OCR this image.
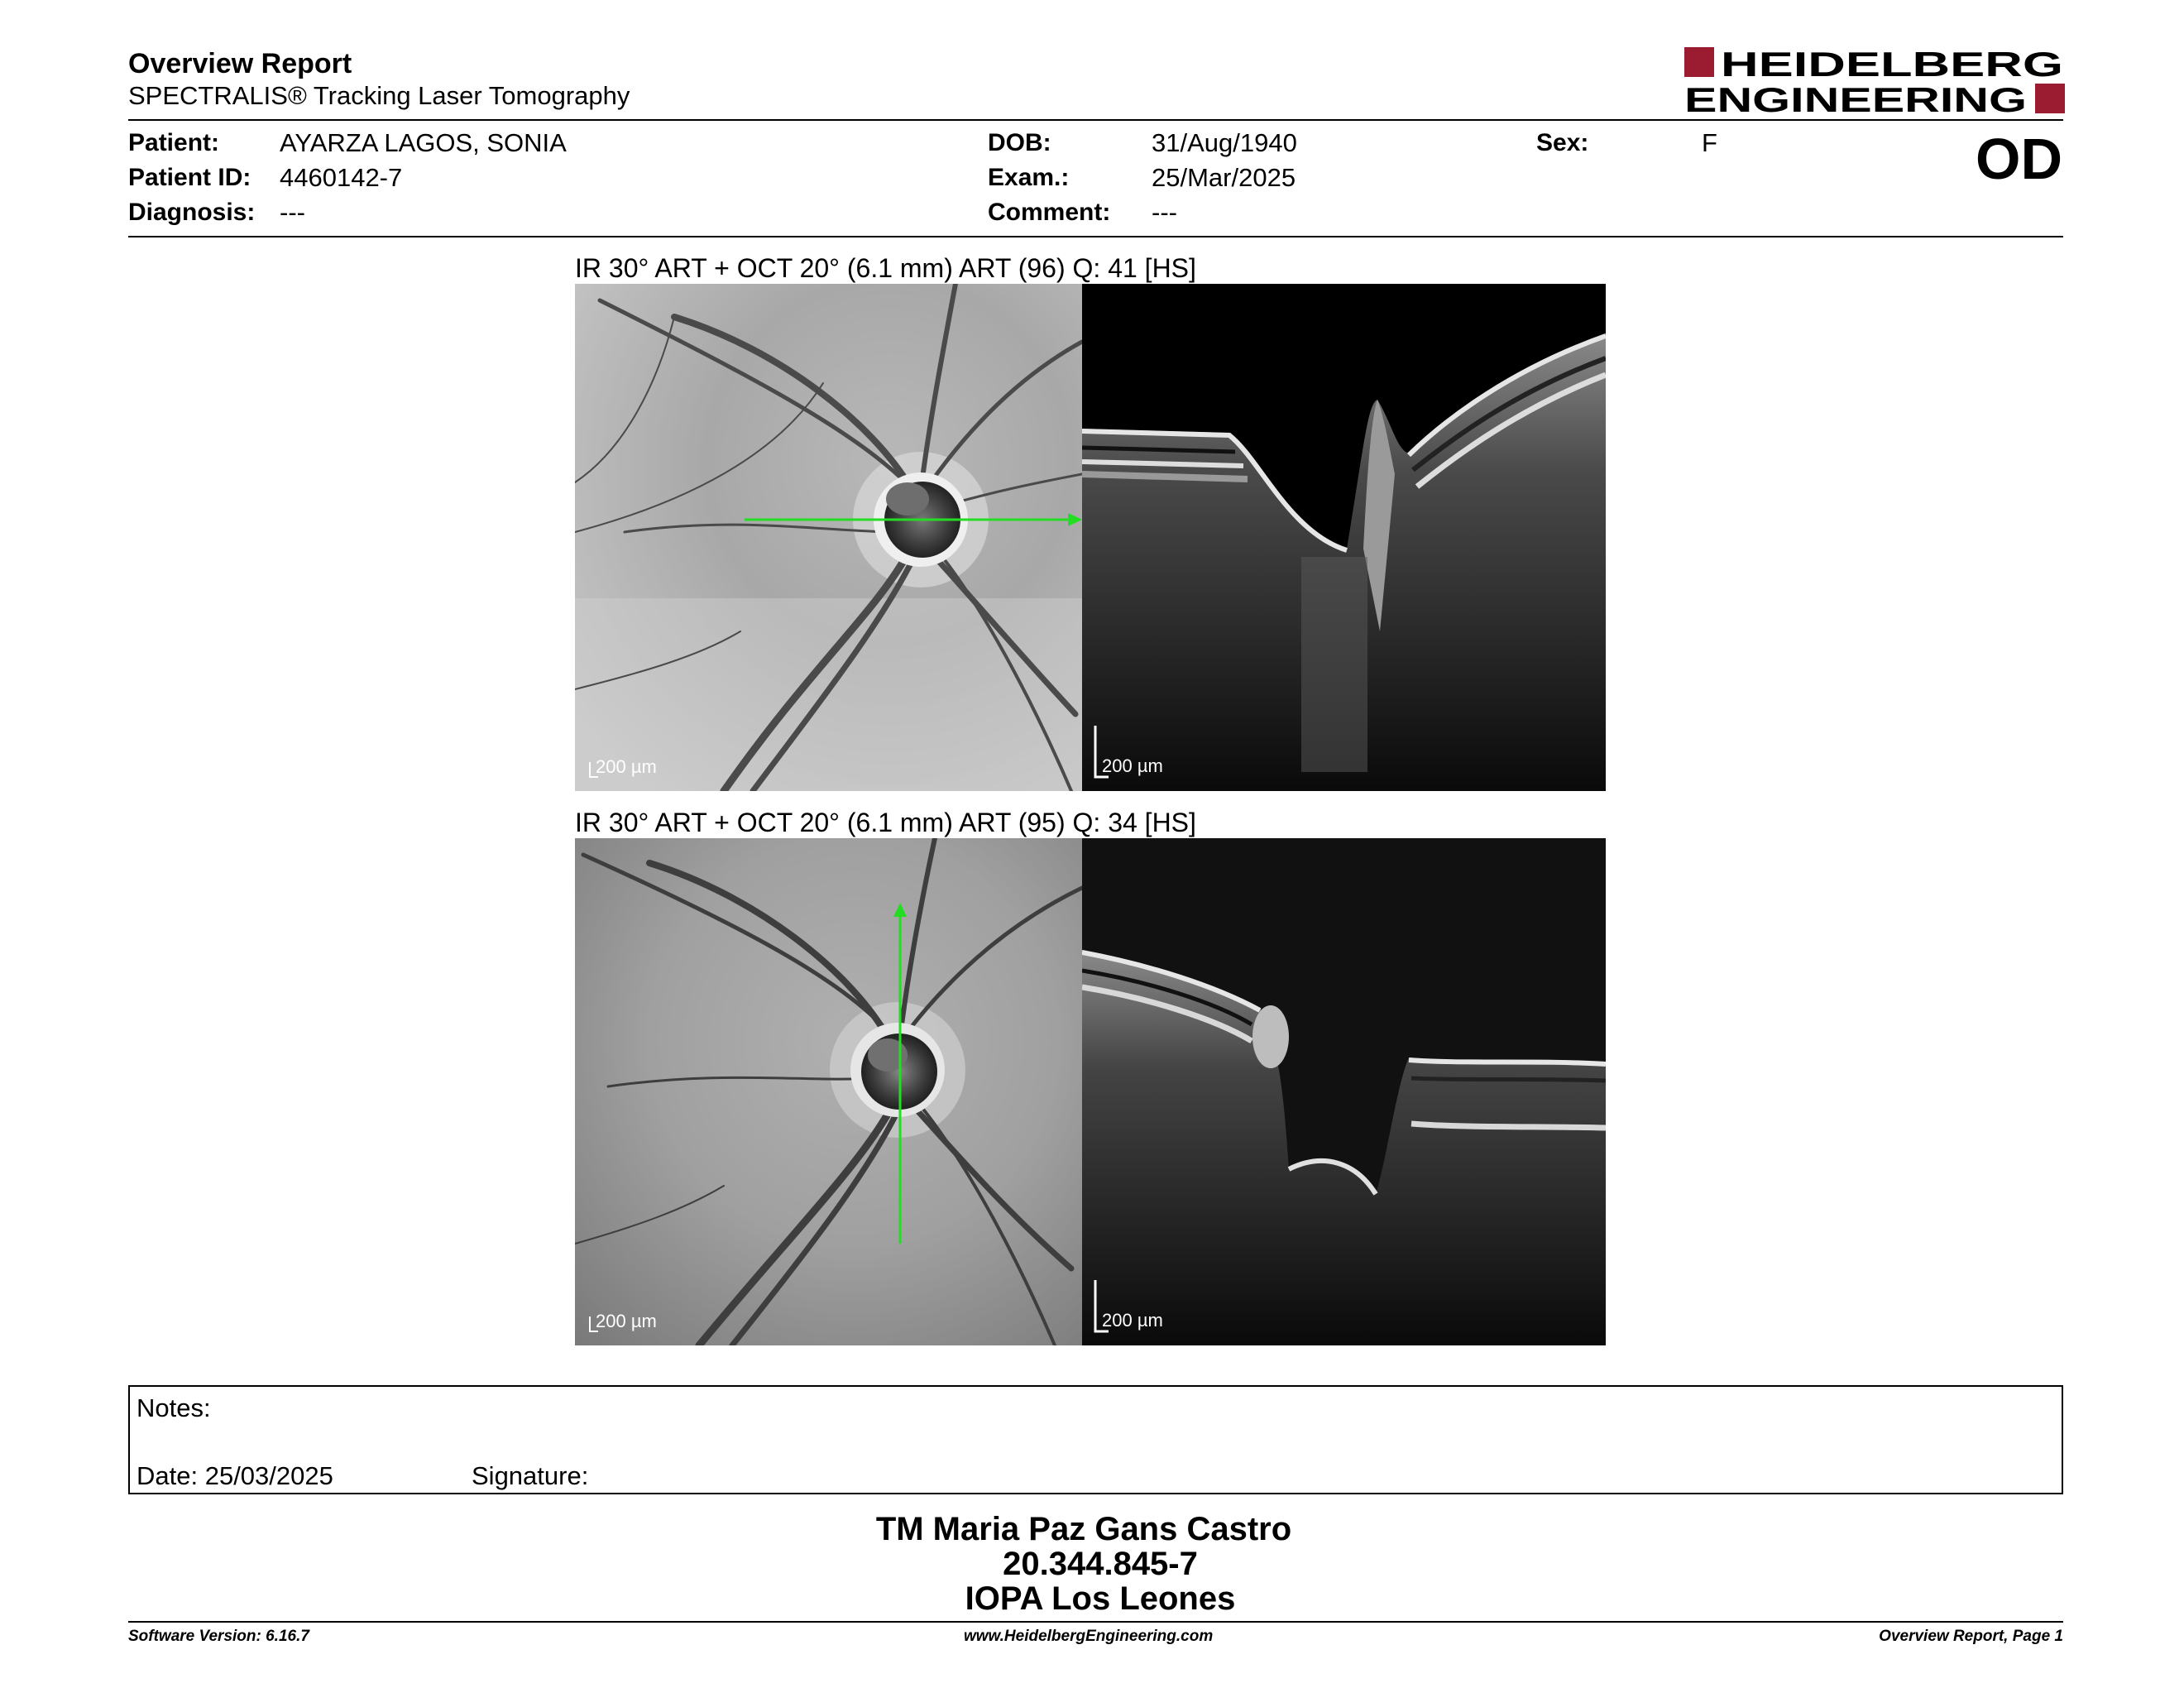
Overview Report
SPECTRALIS® Tracking Laser Tomography
HEIDELBERG
ENGINEERING
Patient: AYARZA LAGOS, SONIA
Patient ID: 4460142-7
Diagnosis: ---
DOB:	31/Aug/1940
Exam.:	25/Mar/2025
Comment: ---
Sex:	F	OD
IR 30° ART + OCT 20° (6.1 mm) ART (96) Q: 41 [HS]
200 µm	200 µm
IR 30° ART + OCT 20° (6.1 mm) ART (95) Q: 34 [HS]
200 µm	200 µm
Notes:
Date: 25/03/2025	Signature:
TM Maria Paz Gans Castro
20.344.845-7
IOPA Los Leones
Software Version: 6.16.7	www.HeidelbergEngineering.com	Overview Report, Page 1
